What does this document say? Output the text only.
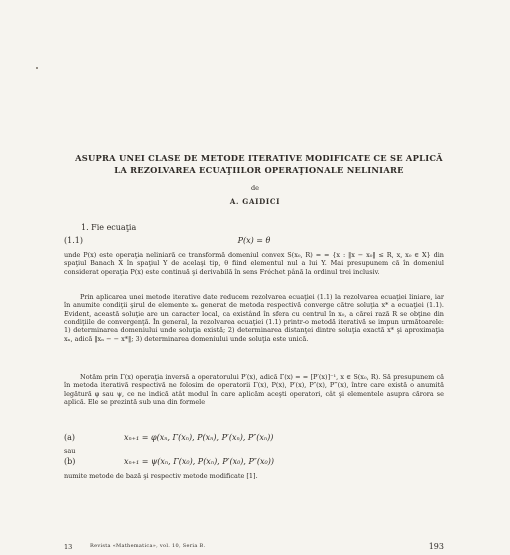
ASUPRA UNEI CLASE DE METODE ITERATIVE MODIFICATE CE SE APLICĂ LA REZOLVAREA ECUAŢIILOR OPERAŢIONALE NELINIARE
de
A. GAIDICI
1. Fie ecuaţia
(1.1)	P(x) = θ

unde P(x) este operaţia neliniară ce transformă domeniul convex S(x₀, R) = = {x : ‖x − x₀‖ ≤ R, x, x₀ ∈ X} din spaţiul Banach X în spaţiul Y de acelaşi tip, θ fiind elementul nul a lui Y. Mai presupunem că în domeniul considerat operaţia P(x) este continuă şi derivabilă în sens Fréchet până la ordinul trei inclusiv.

Prin aplicarea unei metode iterative date reducem rezolvarea ecuaţiei (1.1) la rezolvarea ecuaţiei liniare, iar în anumite condiţii şirul de elemente xₙ generat de metoda respectivă converge către soluţia x* a ecuaţiei (1.1). Evident, această soluţie are un caracter local, ca existând în sfera cu centrul în x₀, a cărei rază R se obţine din condiţiile de convergenţă. În general, la rezolvarea ecuaţiei (1.1) printr-o metodă iterativă se impun următoarele: 1) determinarea domeniului unde soluţia există; 2) determinarea distanţei dintre soluţia exactă x* şi aproximaţia xₙ, adică ‖xₙ − − x*‖; 3) determinarea domeniului unde soluţia este unică.

Notăm prin Γ(x) operaţia inversă a operatorului P′(x), adică Γ(x) = = [P′(x)]⁻¹, x ∈ S(x₀, R). Să presupunem că în metoda iterativă respectivă ne folosim de operatorii Γ(x), P(x), P′(x), P″(x), P‴(x), între care există o anumită legătură φ sau ψ, ce ne indică atât modul în care aplicăm aceşti operatori, cât şi elementele asupra cărora se aplică. Ele se prezintă sub una din formele

(a)	xₙ₊₁ = φ(xₙ, Γ(xₙ), P(xₙ), P′(xₙ), P″(xₙ))
sau
(b)	xₙ₊₁ = ψ(xₙ, Γ(x₀), P(xₙ), P′(x₀), P″(x₀))

numite metode de bază şi respectiv metode modificate [1].

13	Revista «Mathematica», vol. 10, Seria B.	193
